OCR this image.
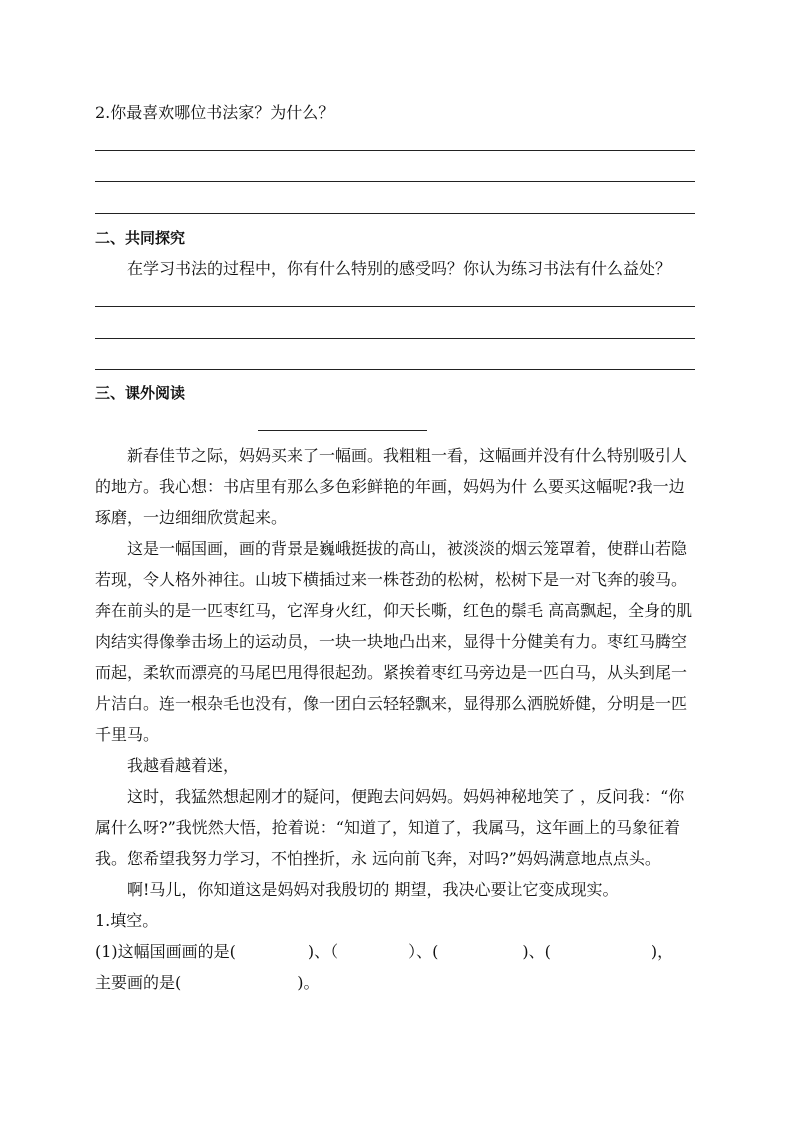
2.你最喜欢哪位书法家？为什么？
二、共同探究
在学习书法的过程中，你有什么特别的感受吗？你认为练习书法有什么益处？
三、课外阅读
新春佳节之际，妈妈买来了一幅画。我粗粗一看，这幅画并没有什么特别吸引人
的地方。我心想：书店里有那么多色彩鲜艳的年画，妈妈为什 么要买这幅呢?我一边
琢磨，一边细细欣赏起来。
这是一幅国画，画的背景是巍峨挺拔的高山，被淡淡的烟云笼罩着，使群山若隐
若现，令人格外神往。山坡下横插过来一株苍劲的松树，松树下是一对飞奔的骏马。
奔在前头的是一匹枣红马，它浑身火红，仰天长嘶，红色的鬃毛 高高飘起，全身的肌
肉结实得像拳击场上的运动员，一块一块地凸出来，显得十分健美有力。枣红马腾空
而起，柔软而漂亮的马尾巴甩得很起劲。紧挨着枣红马旁边是一匹白马，从头到尾一
片洁白。连一根杂毛也没有，像一团白云轻轻飘来，显得那么洒脱娇健，分明是一匹
千里马。
我越看越着迷，
这时，我猛然想起刚才的疑问，便跑去问妈妈。妈妈神秘地笑了 ，反问我：“你
属什么呀?”我恍然大悟，抢着说：“知道了，知道了，我属马，这年画上的马象征着
我。您希望我努力学习，不怕挫折，永 远向前飞奔，对吗?”妈妈满意地点点头。
啊!马儿，你知道这是妈妈对我殷切的 期望，我决心要让它变成现实。
1.填空。
(1)这幅国画画的是(	)、（	）、(	)、(	)，
主要画的是(	)。
